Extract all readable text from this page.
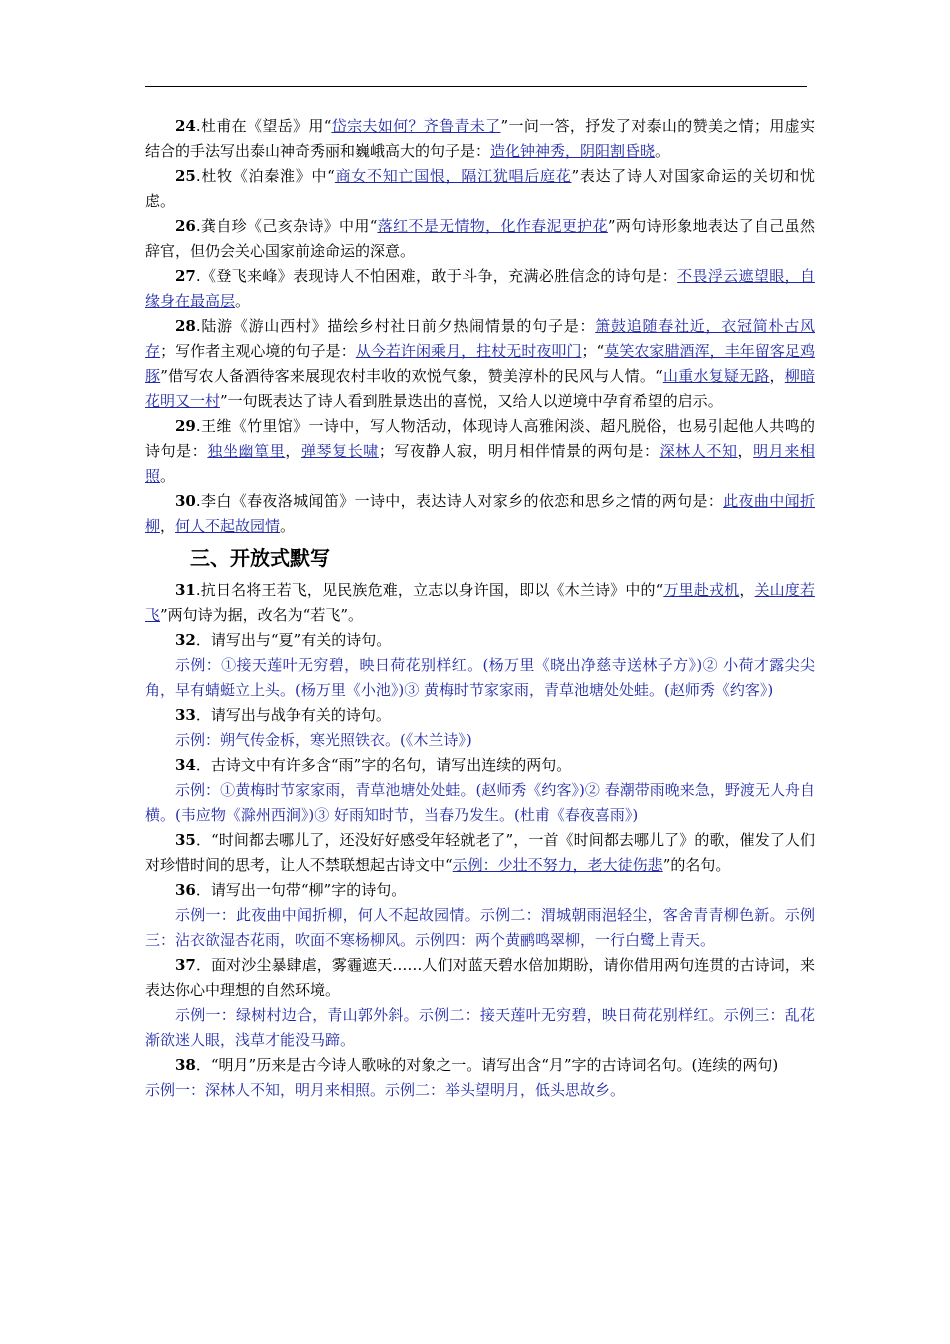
24.杜甫在《望岳》用“岱宗夫如何？齐鲁青未了”一问一答，抒发了对泰山的赞美之情；用虚实结合的手法写出泰山神奇秀丽和巍峨高大的句子是：造化钟神秀，阴阳割昏晓。

25.杜牧《泊秦淮》中“商女不知亡国恨，隔江犹唱后庭花”表达了诗人对国家命运的关切和忧虑。

26.龚自珍《己亥杂诗》中用“落红不是无情物，化作春泥更护花”两句诗形象地表达了自己虽然辞官，但仍会关心国家前途命运的深意。

27.《登飞来峰》表现诗人不怕困难，敢于斗争，充满必胜信念的诗句是：不畏浮云遮望眼，自缘身在最高层。

28.陆游《游山西村》描绘乡村社日前夕热闹情景的句子是：箫鼓追随春社近，衣冠简朴古风存；写作者主观心境的句子是：从今若许闲乘月，拄杖无时夜叩门；“莫笑农家腊酒浑，丰年留客足鸡豚”借写农人备酒待客来展现农村丰收的欢悦气象，赞美淳朴的民风与人情。“山重水复疑无路，柳暗花明又一村”一句既表达了诗人看到胜景迭出的喜悦，又给人以逆境中孕育希望的启示。

29.王维《竹里馆》一诗中，写人物活动，体现诗人高雅闲淡、超凡脱俗，也易引起他人共鸣的诗句是：独坐幽篁里，弹琴复长啸；写夜静人寂，明月相伴情景的两句是：深林人不知，明月来相照。

30.李白《春夜洛城闻笛》一诗中，表达诗人对家乡的依恋和思乡之情的两句是：此夜曲中闻折柳，何人不起故园情。

三、开放式默写

31.抗日名将王若飞，见民族危难，立志以身许国，即以《木兰诗》中的“万里赴戎机，关山度若飞”两句诗为据，改名为“若飞”。

32．请写出与“夏”有关的诗句。

示例：①接天莲叶无穷碧，映日荷花别样红。(杨万里《晓出净慈寺送林子方》)② 小荷才露尖尖角，早有蜻蜓立上头。(杨万里《小池》)③ 黄梅时节家家雨，青草池塘处处蛙。(赵师秀《约客》)

33．请写出与战争有关的诗句。

示例：朔气传金柝，寒光照铁衣。(《木兰诗》)

34．古诗文中有许多含“雨”字的名句，请写出连续的两句。

示例：①黄梅时节家家雨，青草池塘处处蛙。(赵师秀《约客》)② 春潮带雨晚来急，野渡无人舟自横。(韦应物《滁州西涧》)③ 好雨知时节，当春乃发生。(杜甫《春夜喜雨》)

35．“时间都去哪儿了，还没好好感受年轻就老了”，一首《时间都去哪儿了》的歌，催发了人们对珍惜时间的思考，让人不禁联想起古诗文中“示例：少壮不努力，老大徒伤悲”的名句。

36．请写出一句带“柳”字的诗句。

示例一：此夜曲中闻折柳，何人不起故园情。示例二：渭城朝雨浥轻尘，客舍青青柳色新。示例三：沾衣欲湿杏花雨，吹面不寒杨柳风。示例四：两个黄鹂鸣翠柳，一行白鹭上青天。

37．面对沙尘暴肆虐，雾霾遮天……人们对蓝天碧水倍加期盼，请你借用两句连贯的古诗词，来表达你心中理想的自然环境。

示例一：绿树村边合，青山郭外斜。示例二：接天莲叶无穷碧，映日荷花别样红。示例三：乱花渐欲迷人眼，浅草才能没马蹄。

38．“明月”历来是古今诗人歌咏的对象之一。请写出含“月”字的古诗词名句。(连续的两句)

示例一：深林人不知，明月来相照。示例二：举头望明月，低头思故乡。
